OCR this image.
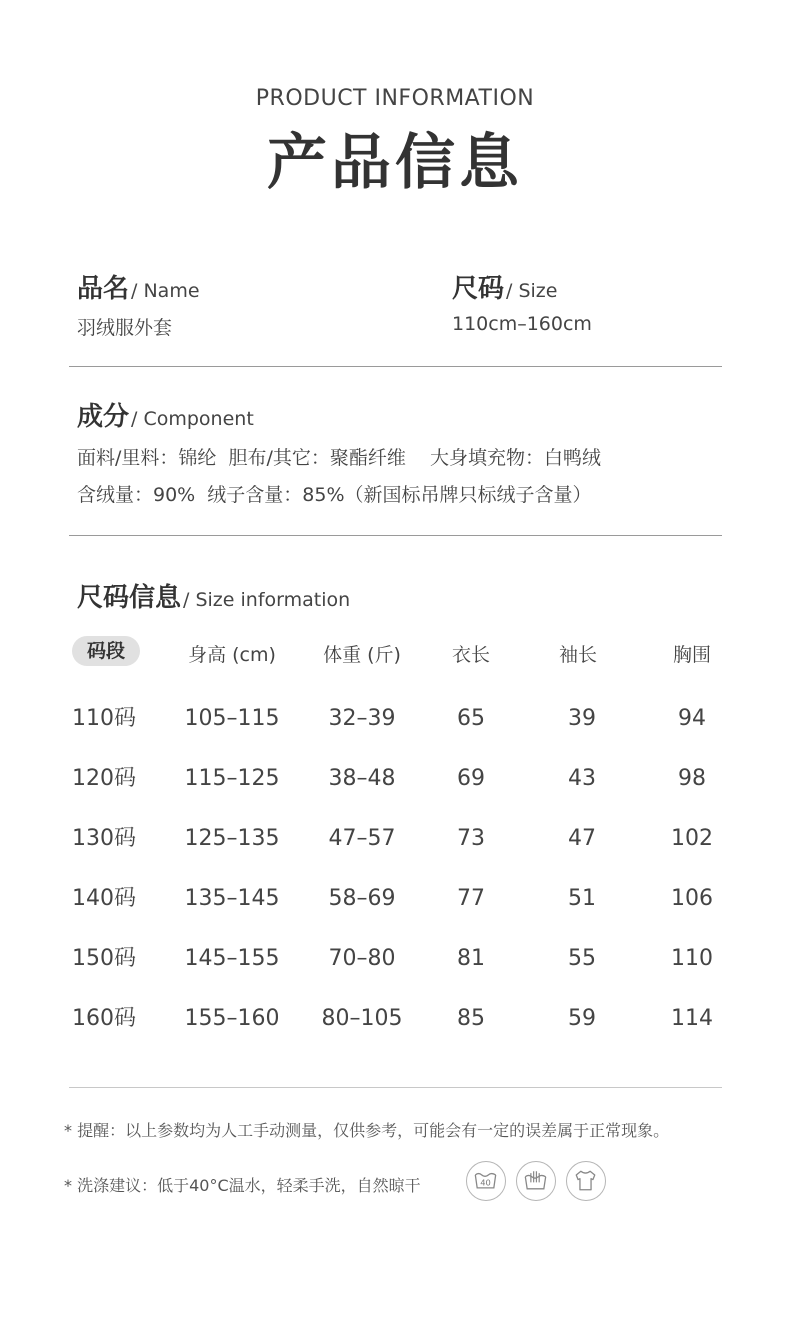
PRODUCT INFORMATION
产品信息
品名 / Name
羽绒服外套
尺码 / Size
110cm–160cm
成分 / Component
面料/里料：锦纶  胆布/其它：聚酯纤维    大身填充物：白鸭绒
含绒量：90%  绒子含量：85%（新国标吊牌只标绒子含量）
尺码信息 / Size information
码段	身高 (cm)	体重 (斤)	衣长	袖长	胸围
110码	105–115	32–39	65	39	94
120码	115–125	38–48	69	43	98
130码	125–135	47–57	73	47	102
140码	135–145	58–69	77	51	106
150码	145–155	70–80	81	55	110
160码	155–160	80–105	85	59	114
* 提醒：以上参数均为人工手动测量，仅供参考，可能会有一定的误差属于正常现象。
* 洗涤建议：低于40°C温水，轻柔手洗，自然晾干	40
